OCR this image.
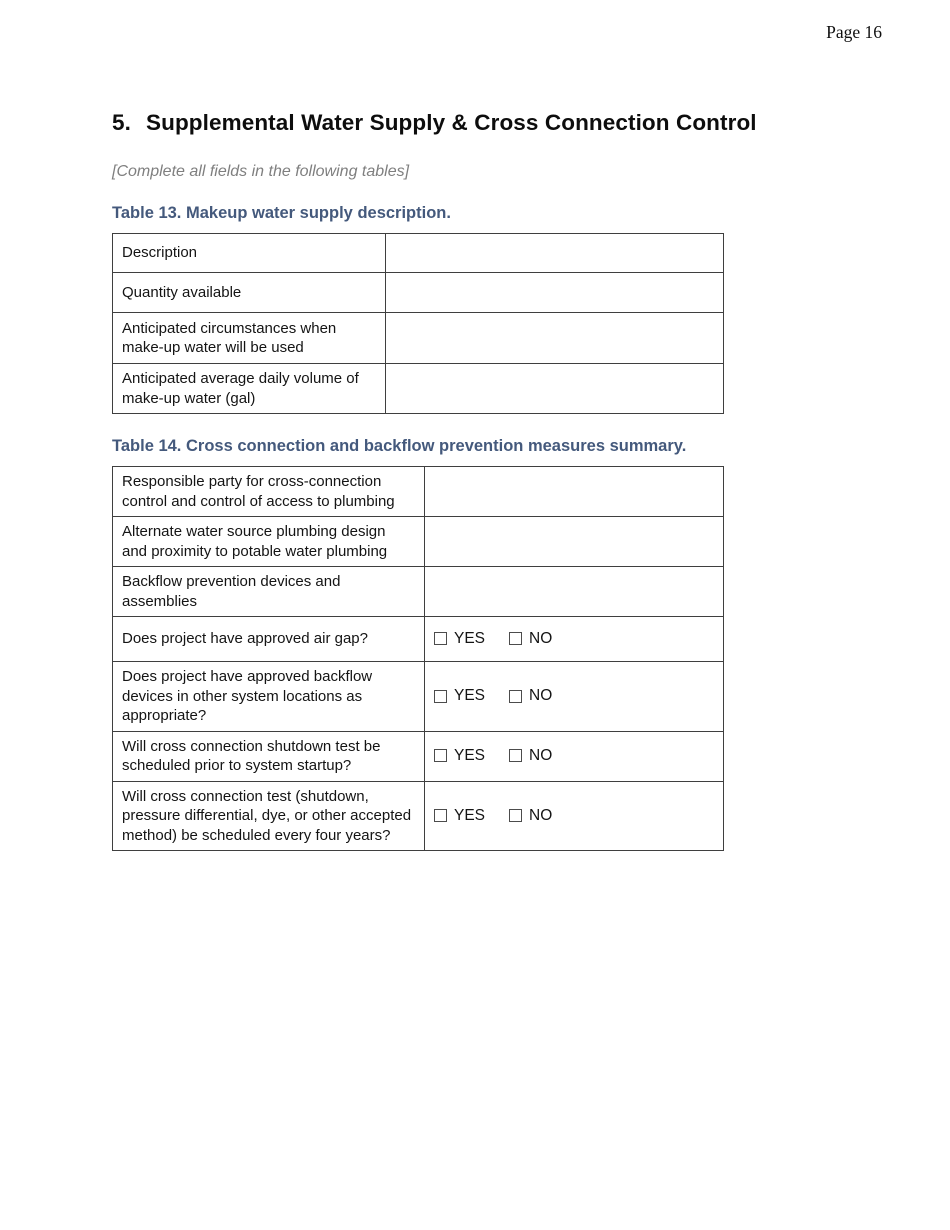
Page 16
5. Supplemental Water Supply & Cross Connection Control
[Complete all fields in the following tables]
Table 13. Makeup water supply description.
Description	
Quantity available	
Anticipated circumstances when make-up water will be used	
Anticipated average daily volume of make-up water (gal)	
Table 14. Cross connection and backflow prevention measures summary.
Responsible party for cross-connection control and control of access to plumbing	
Alternate water source plumbing design and proximity to potable water plumbing	
Backflow prevention devices and assemblies	
Does project have approved air gap?	YES NO

Does project have approved backflow devices in other system locations as appropriate?	YES NO

Will cross connection shutdown test be scheduled prior to system startup?	YES NO

Will cross connection test (shutdown, pressure differential, dye, or other accepted method) be scheduled every four years?	YES NO
